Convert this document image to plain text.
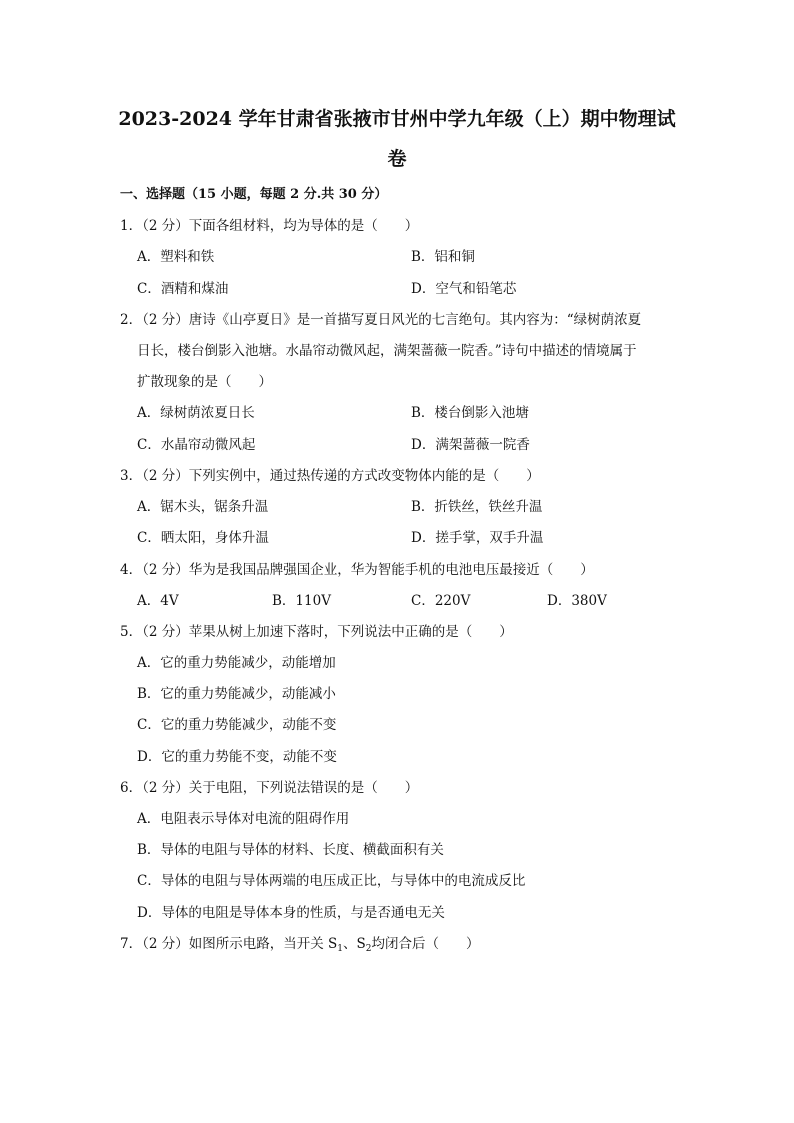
2023-2024 学年甘肃省张掖市甘州中学九年级（上）期中物理试
卷
一、选择题（15 小题，每题 2 分.共 30 分）
1．（2 分）下面各组材料，均为导体的是（　　）
A．塑料和铁	B．铝和铜
C．酒精和煤油	D．空气和铅笔芯
2．（2 分）唐诗《山亭夏日》是一首描写夏日风光的七言绝句。其内容为：“绿树荫浓夏
日长，楼台倒影入池塘。水晶帘动微风起，满架蔷薇一院香。”诗句中描述的情境属于
扩散现象的是（　　）
A．绿树荫浓夏日长	B．楼台倒影入池塘
C．水晶帘动微风起	D．满架蔷薇一院香
3．（2 分）下列实例中，通过热传递的方式改变物体内能的是（　　）
A．锯木头，锯条升温	B．折铁丝，铁丝升温
C．晒太阳，身体升温	D．搓手掌，双手升温
4．（2 分）华为是我国品牌强国企业，华为智能手机的电池电压最接近（　　）
A．4V	B．110V	C．220V	D．380V
5．（2 分）苹果从树上加速下落时，下列说法中正确的是（　　）
A．它的重力势能减少，动能增加
B．它的重力势能减少，动能减小
C．它的重力势能减少，动能不变
D．它的重力势能不变，动能不变
6．（2 分）关于电阻，下列说法错误的是（　　）
A．电阻表示导体对电流的阻碍作用
B．导体的电阻与导体的材料、长度、横截面积有关
C．导体的电阻与导体两端的电压成正比，与导体中的电流成反比
D．导体的电阻是导体本身的性质，与是否通电无关
7．（2 分）如图所示电路，当开关 $S_1$、$S_2$均闭合后（　　）
